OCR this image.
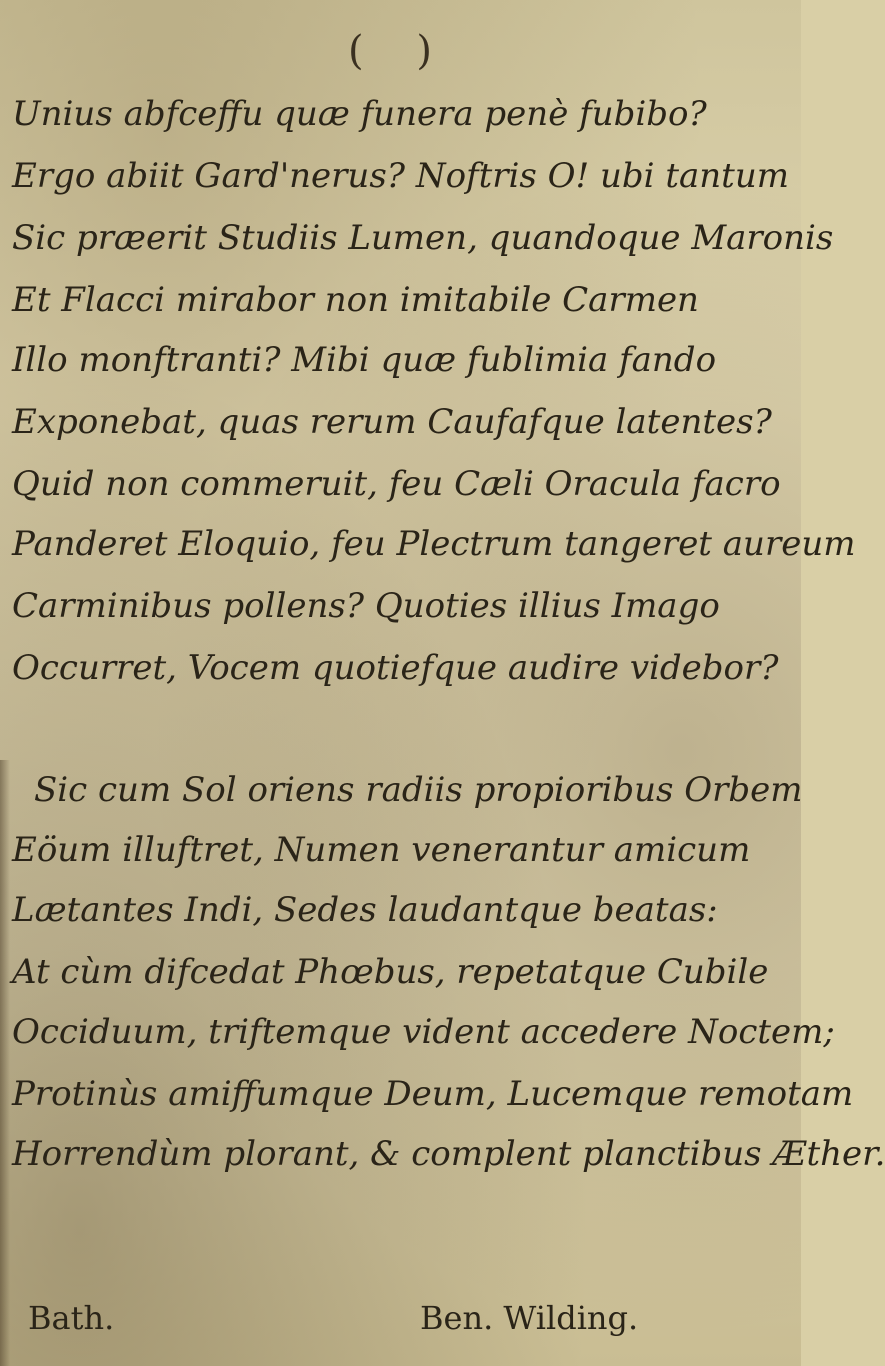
( )
Unius abfceffu quæ funera penè fubibo?
Ergo abiit Gard'nerus? Noftris O! ubi tantum
Sic præerit Studiis Lumen, quandoque Maronis
Et Flacci mirabor non imitabile Carmen
Illo monftranti? Mibi quæ fublimia fando
Exponebat, quas rerum Caufafque latentes?
Quid non commeruit, feu Cæli Oracula facro
Panderet Eloquio, feu Plectrum tangeret aureum
Carminibus pollens? Quoties illius Imago
Occurret, Vocem quotiefque audire videbor?
Sic cum Sol oriens radiis propioribus Orbem
Eöum illuftret, Numen venerantur amicum
Lætantes Indi, Sedes laudantque beatas:
At cùm difcedat Phœbus, repetatque Cubile
Occiduum, triftemque vident accedere Noctem;
Protinùs amiffumque Deum, Lucemque remotam
Horrendùm plorant, & complent planctibus Æther.
Bath.	Ben. Wilding.
